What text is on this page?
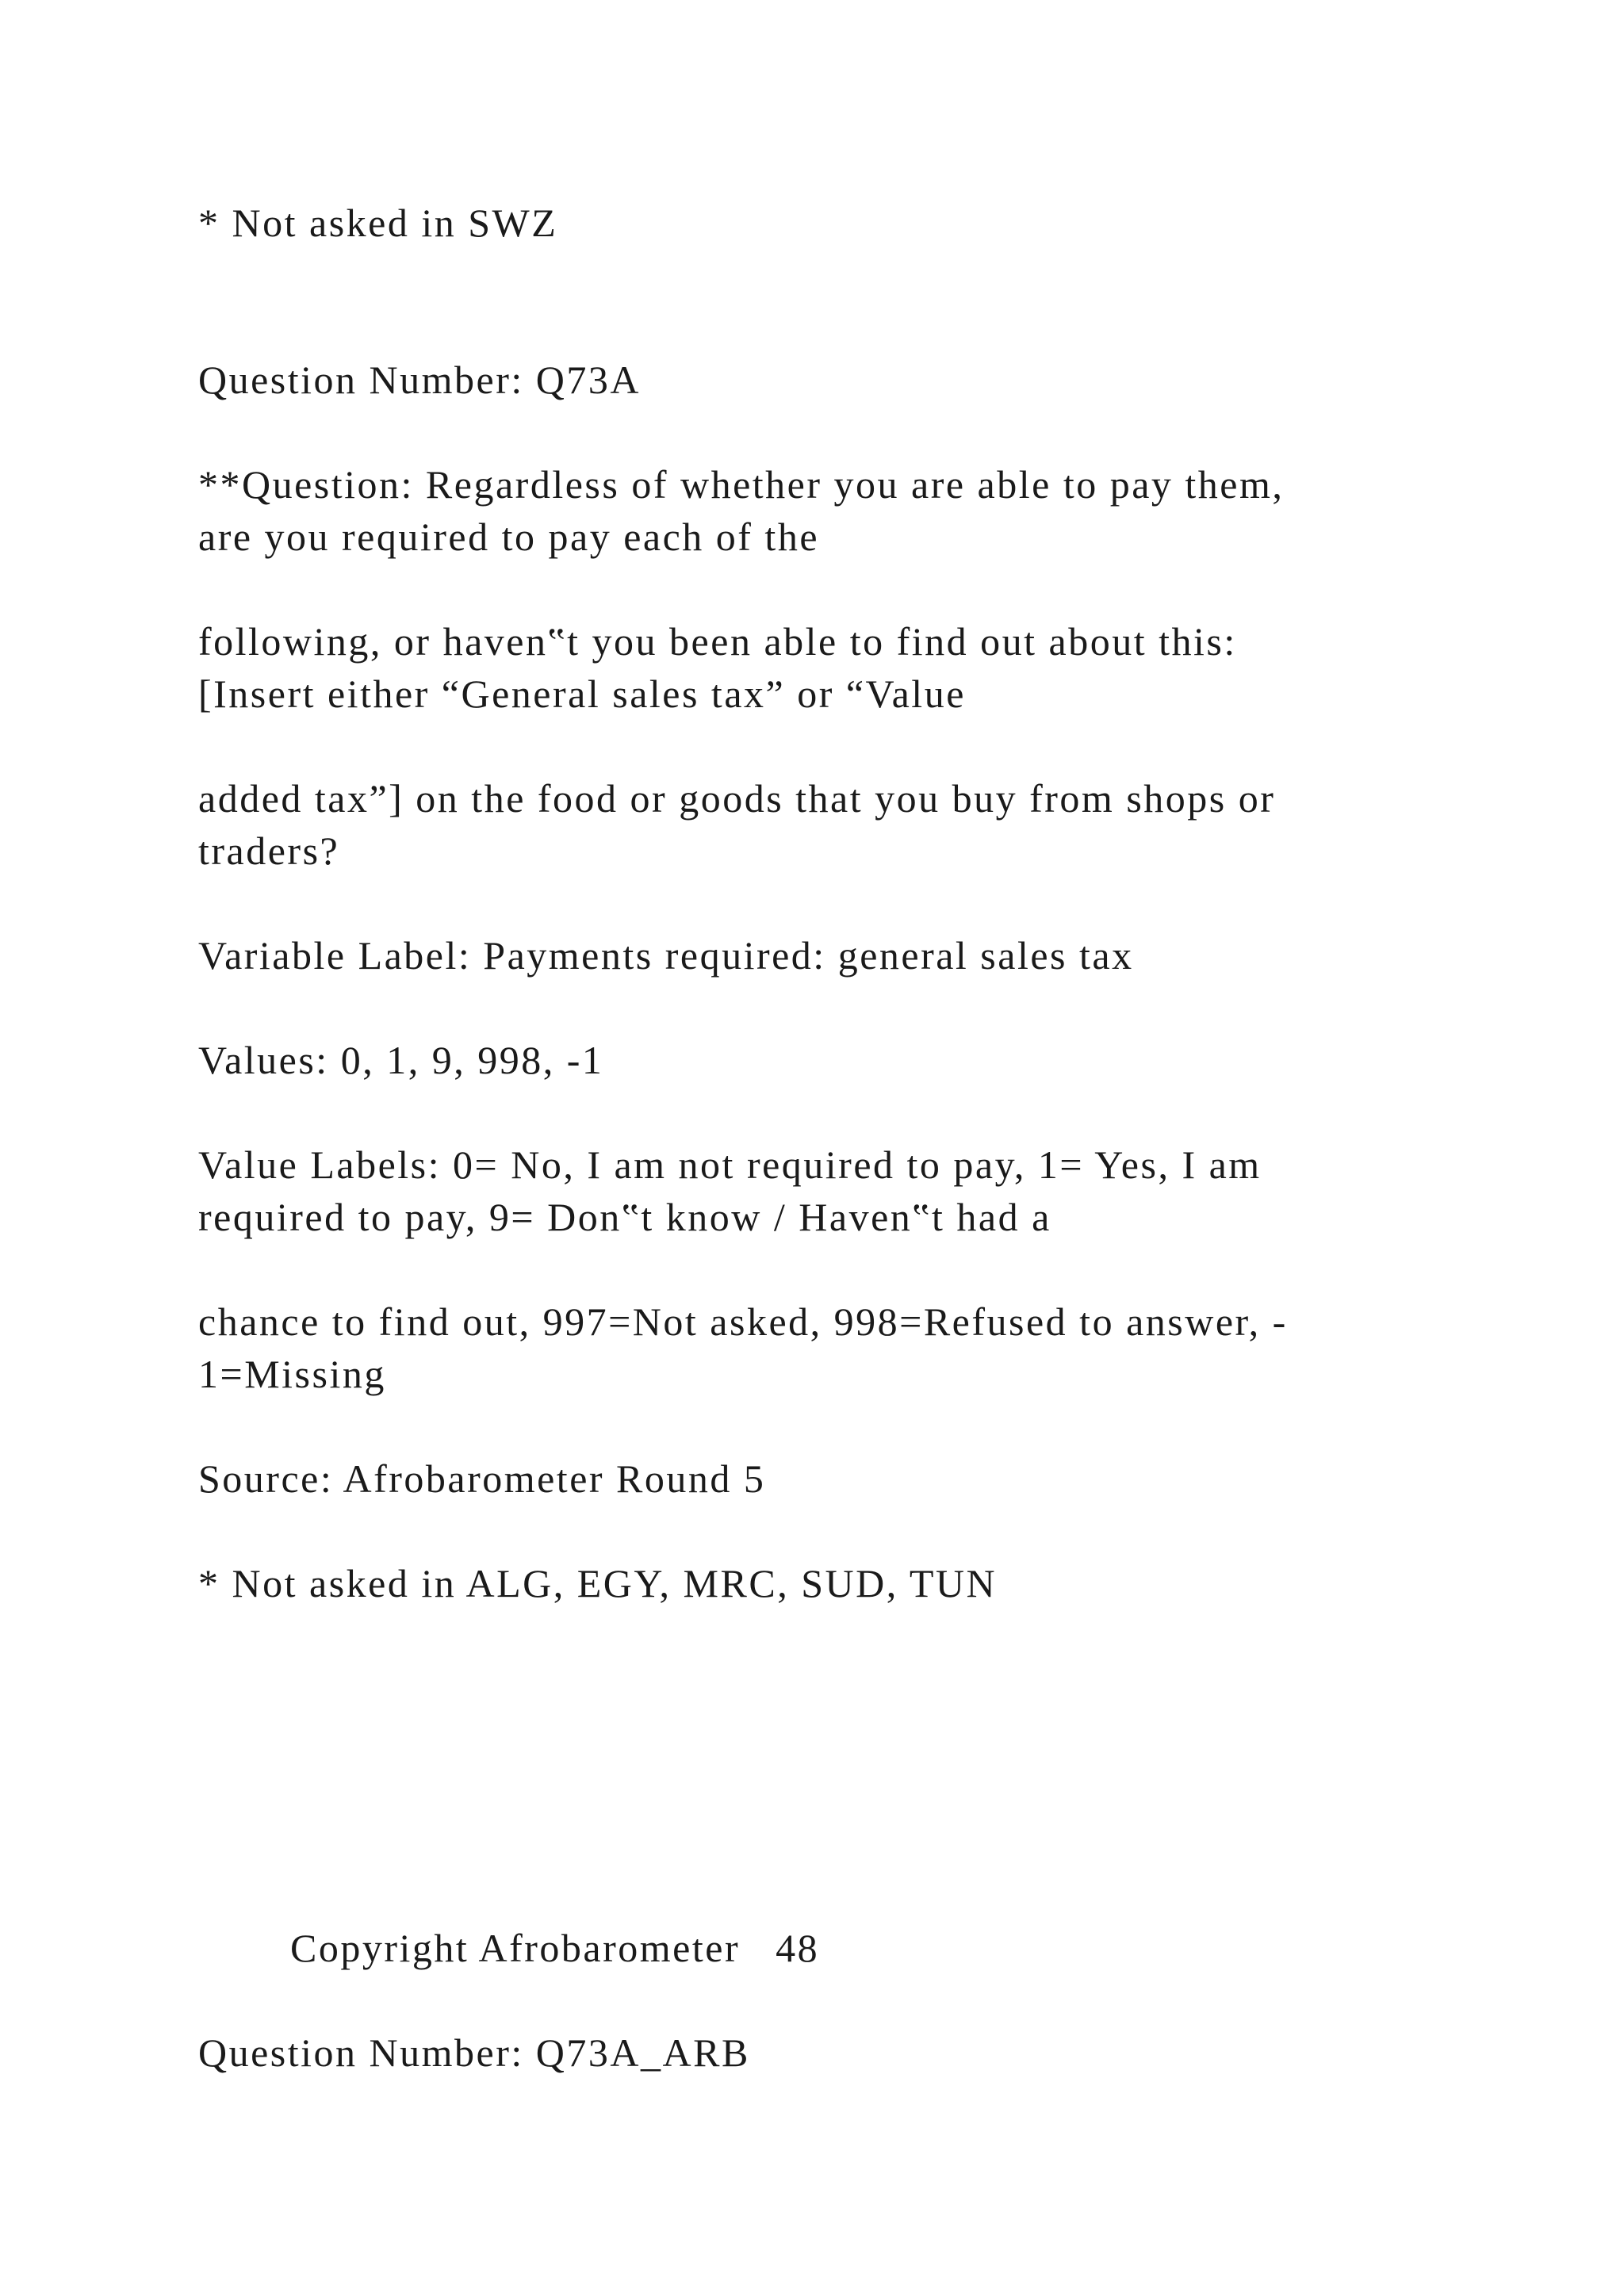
* Not asked in SWZ
Question Number: Q73A
**Question: Regardless of whether you are able to pay them,
are you required to pay each of the
following, or haven‟t you been able to find out about this:
[Insert either “General sales tax” or “Value
added tax”] on the food or goods that you buy from shops or
traders?
Variable Label: Payments required: general sales tax
Values: 0, 1, 9, 998, -1
Value Labels: 0= No, I am not required to pay, 1= Yes, I am
required to pay, 9= Don‟t know / Haven‟t had a
chance to find out, 997=Not asked, 998=Refused to answer, -
1=Missing
Source: Afrobarometer Round 5
* Not asked in ALG, EGY, MRC, SUD, TUN
Copyright Afrobarometer   48
Question Number: Q73A_ARB
